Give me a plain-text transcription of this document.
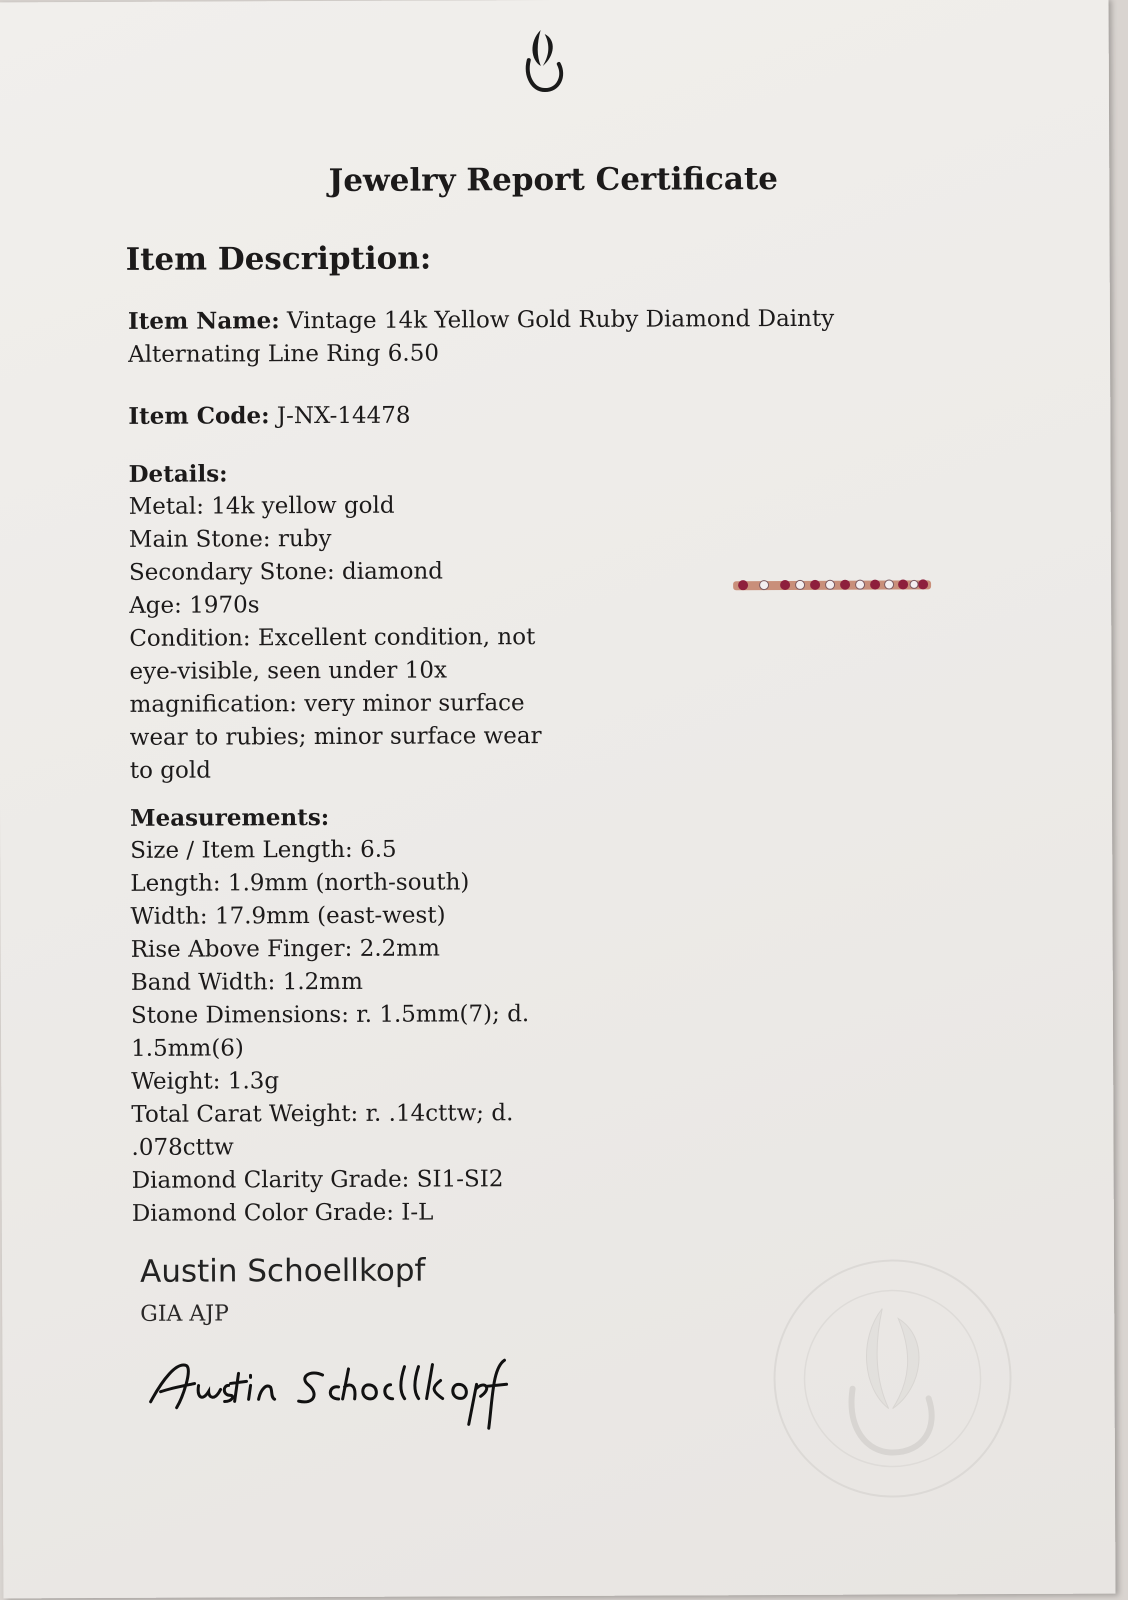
Jewelry Report Certificate
Item Description:
Item Name: Vintage 14k Yellow Gold Ruby Diamond Dainty Alternating Line Ring 6.50
Item Code: J-NX-14478
Details:
Metal: 14k yellow gold
Main Stone: ruby
Secondary Stone: diamond
Age: 1970s
Condition: Excellent condition, not eye-visible, seen under 10x magnification: very minor surface wear to rubies; minor surface wear to gold
Measurements:
Size / Item Length: 6.5
Length: 1.9mm (north-south)
Width: 17.9mm (east-west)
Rise Above Finger: 2.2mm
Band Width: 1.2mm
Stone Dimensions: r. 1.5mm(7); d. 1.5mm(6)
Weight: 1.3g
Total Carat Weight: r. .14cttw; d. .078cttw
Diamond Clarity Grade: SI1-SI2
Diamond Color Grade: I-L
Austin Schoellkopf
GIA AJP
